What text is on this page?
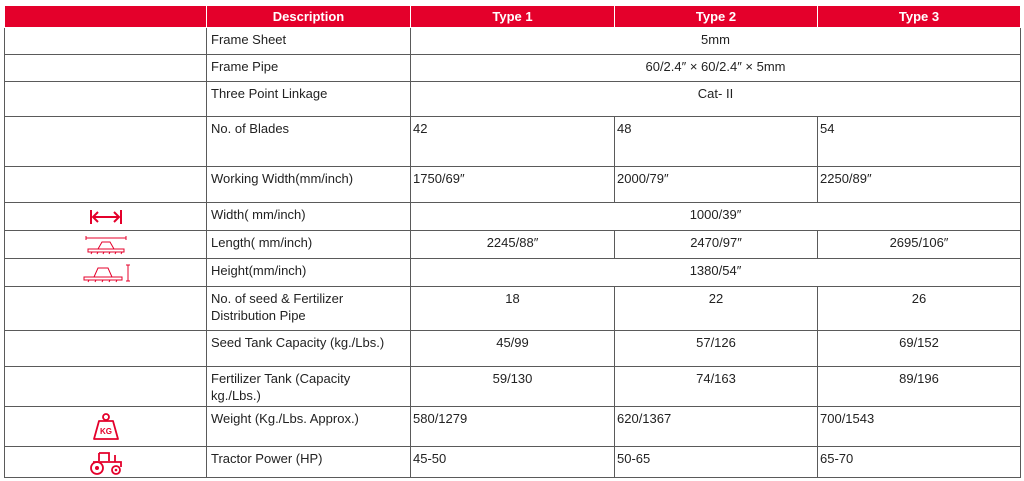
	Description	Type 1	Type 2	Type 3
	Frame Sheet	5mm		
	Frame Pipe	60/2.4″ × 60/2.4″ × 5mm		
	Three Point Linkage	Cat- II		
	No. of Blades	42	48	54
	Working Width(mm/inch)	1750/69″	2000/79″	2250/89″
	Width( mm/inch)	1000/39″		
	Length( mm/inch)	2245/88″	2470/97″	2695/106″
	Height(mm/inch)	1380/54″		
	No. of seed & Fertilizer
Distribution Pipe	18	22	26
	Seed Tank Capacity (kg./Lbs.)	45/99	57/126	69/152
	Fertilizer Tank (Capacity
kg./Lbs.)	59/130	74/163	89/196

KG	Weight (Kg./Lbs. Approx.)	580/1279	620/1367	700/1543
	Tractor Power (HP)	45-50	50-65	65-70
